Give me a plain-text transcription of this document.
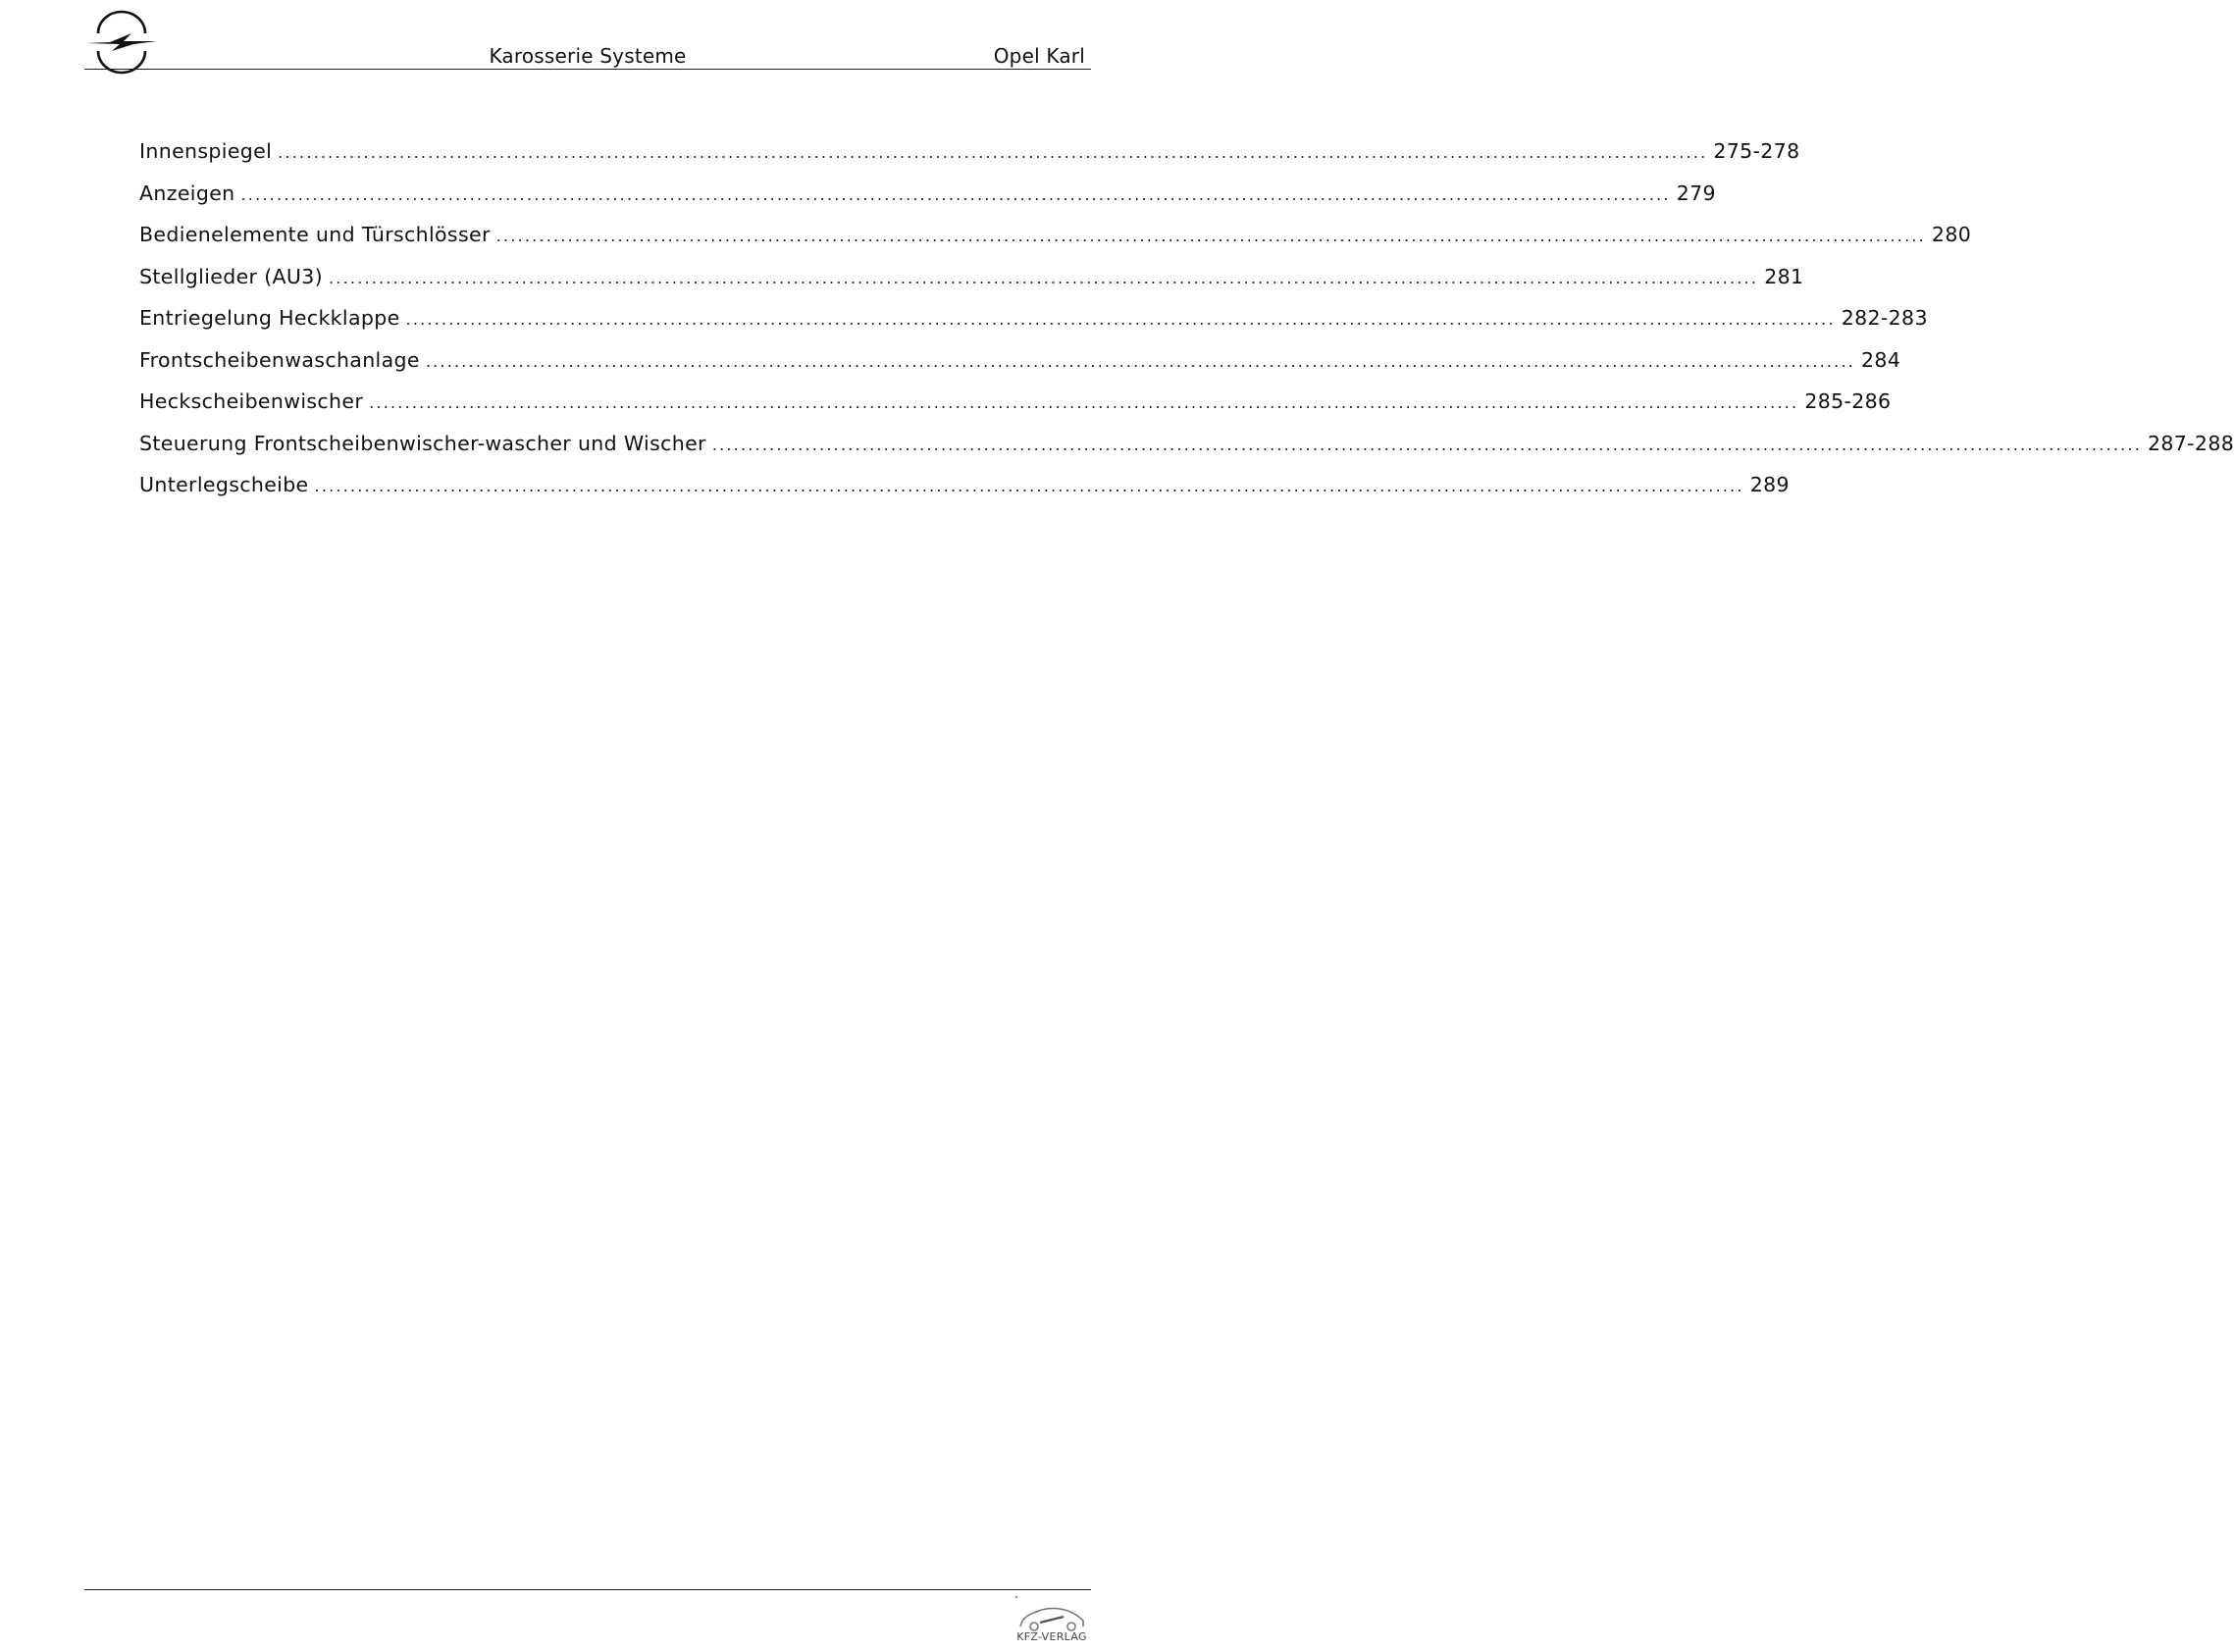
Karosserie Systeme	Opel Karl
Innenspiegel ........................................................................................................................................................................................................ 275-278
Anzeigen ........................................................................................................................................................................................................ 279
Bedienelemente und Türschlösser ........................................................................................................................................................................................................ 280
Stellglieder (AU3) ........................................................................................................................................................................................................ 281
Entriegelung Heckklappe ........................................................................................................................................................................................................ 282-283
Frontscheibenwaschanlage ........................................................................................................................................................................................................ 284
Heckscheibenwischer ........................................................................................................................................................................................................ 285-286
Steuerung Frontscheibenwischer-wascher und Wischer ........................................................................................................................................................................................................ 287-288
Unterlegscheibe ........................................................................................................................................................................................................ 289
KFZ-VERLAG
